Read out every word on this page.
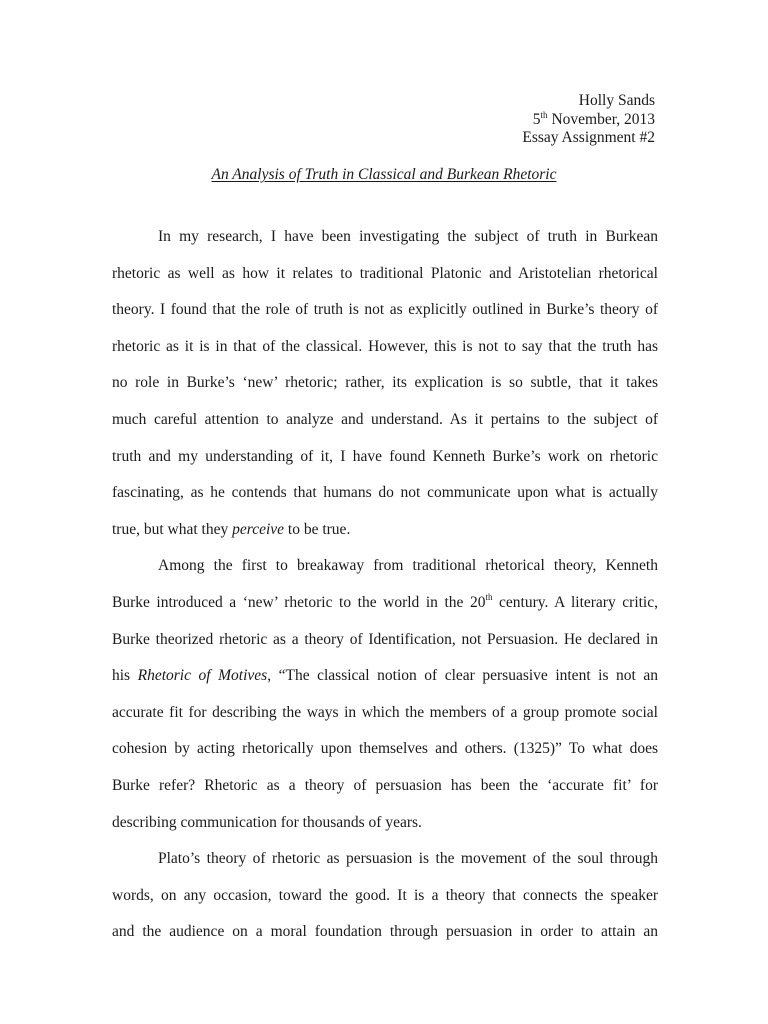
Holly Sands
5th November, 2013
Essay Assignment #2
An Analysis of Truth in Classical and Burkean Rhetoric

In my research, I have been investigating the subject of truth in Burkean
rhetoric as well as how it relates to traditional Platonic and Aristotelian rhetorical
theory. I found that the role of truth is not as explicitly outlined in Burke’s theory of
rhetoric as it is in that of the classical. However, this is not to say that the truth has
no role in Burke’s ‘new’ rhetoric; rather, its explication is so subtle, that it takes
much careful attention to analyze and understand. As it pertains to the subject of
truth and my understanding of it, I have found Kenneth Burke’s work on rhetoric
fascinating, as he contends that humans do not communicate upon what is actually
true, but what they perceive to be true.

Among the first to breakaway from traditional rhetorical theory, Kenneth
Burke introduced a ‘new’ rhetoric to the world in the 20th century. A literary critic,
Burke theorized rhetoric as a theory of Identification, not Persuasion. He declared in
his Rhetoric of Motives, “The classical notion of clear persuasive intent is not an
accurate fit for describing the ways in which the members of a group promote social
cohesion by acting rhetorically upon themselves and others. (1325)” To what does
Burke refer? Rhetoric as a theory of persuasion has been the ‘accurate fit’ for
describing communication for thousands of years.

Plato’s theory of rhetoric as persuasion is the movement of the soul through
words, on any occasion, toward the good. It is a theory that connects the speaker
and the audience on a moral foundation through persuasion in order to attain an
